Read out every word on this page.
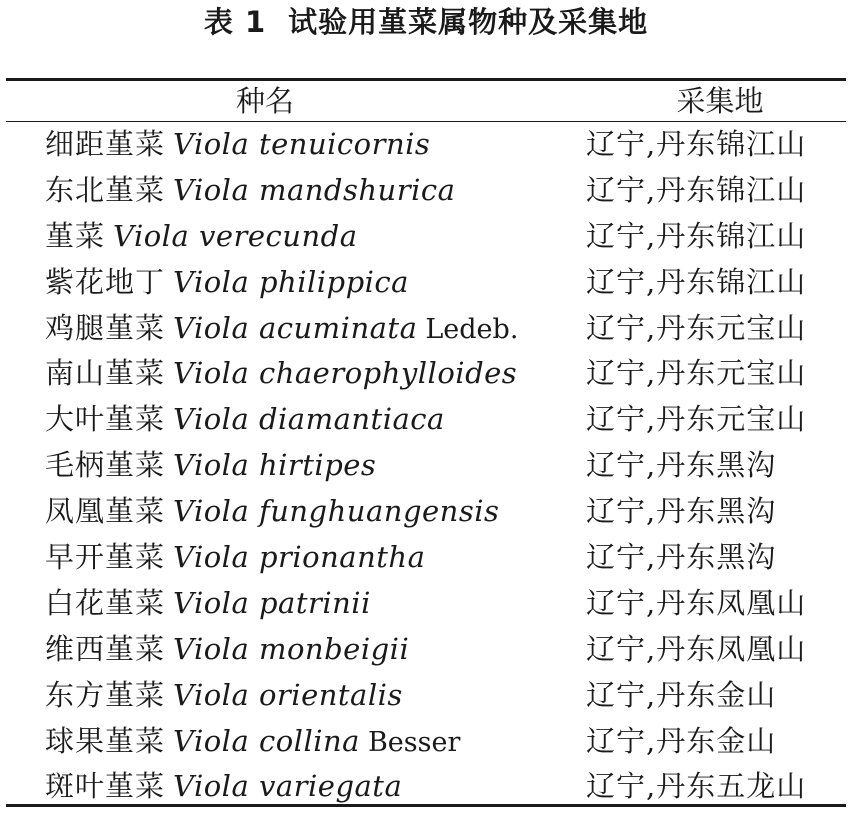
表 1 试验用堇菜属物种及采集地
种名	采集地
细距堇菜 Viola tenuicornis	辽宁,丹东锦江山
东北堇菜 Viola mandshurica	辽宁,丹东锦江山
堇菜 Viola verecunda	辽宁,丹东锦江山
紫花地丁 Viola philippica	辽宁,丹东锦江山
鸡腿堇菜 Viola acuminata Ledeb. 辽宁,丹东元宝山
南山堇菜 Viola chaerophylloides 辽宁,丹东元宝山
大叶堇菜 Viola diamantiaca	辽宁,丹东元宝山
毛柄堇菜 Viola hirtipes	辽宁,丹东黑沟
凤凰堇菜 Viola funghuangensis	辽宁,丹东黑沟
早开堇菜 Viola prionantha	辽宁,丹东黑沟
白花堇菜 Viola patrinii	辽宁,丹东凤凰山
维西堇菜 Viola monbeigii	辽宁,丹东凤凰山
东方堇菜 Viola orientalis	辽宁,丹东金山
球果堇菜 Viola collina Besser	辽宁,丹东金山
斑叶堇菜 Viola variegata	辽宁,丹东五龙山
